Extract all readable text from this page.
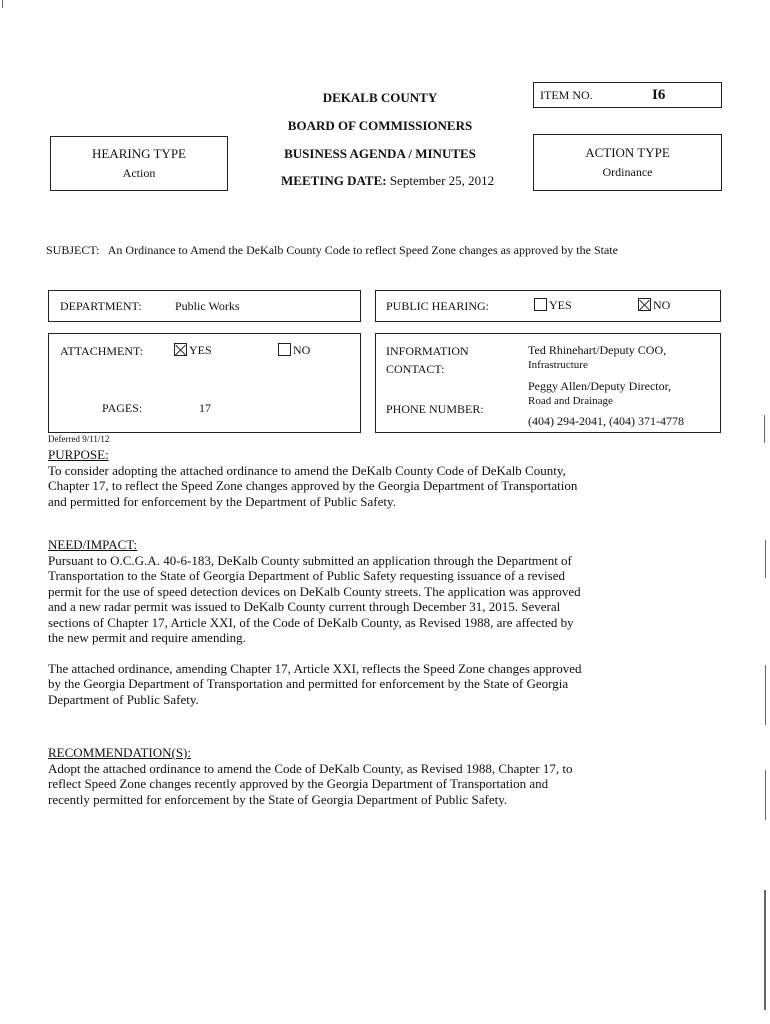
DEKALB COUNTY
BOARD OF COMMISSIONERS
BUSINESS AGENDA / MINUTES
MEETING DATE: September 25, 2012
ITEM NO.	I6
HEARING TYPE
Action
ACTION TYPE
Ordinance
SUBJECT: An Ordinance to Amend the DeKalb County Code to reflect Speed Zone changes as approved by the State
DEPARTMENT:	Public Works	PUBLIC HEARING:	YES	NO
ATTACHMENT:	YES	NO
PAGES:	17
INFORMATION
CONTACT:
Ted Rhinehart/Deputy COO,
Infrastructure
Peggy Allen/Deputy Director,
Road and Drainage
PHONE NUMBER:
(404) 294-2041, (404) 371-4778
Deferred 9/11/12
PURPOSE:
To consider adopting the attached ordinance to amend the DeKalb County Code of DeKalb County,
Chapter 17, to reflect the Speed Zone changes approved by the Georgia Department of Transportation
and permitted for enforcement by the Department of Public Safety.
NEED/IMPACT:
Pursuant to O.C.G.A. 40-6-183, DeKalb County submitted an application through the Department of
Transportation to the State of Georgia Department of Public Safety requesting issuance of a revised
permit for the use of speed detection devices on DeKalb County streets. The application was approved
and a new radar permit was issued to DeKalb County current through December 31, 2015. Several
sections of Chapter 17, Article XXI, of the Code of DeKalb County, as Revised 1988, are affected by
the new permit and require amending.
The attached ordinance, amending Chapter 17, Article XXI, reflects the Speed Zone changes approved
by the Georgia Department of Transportation and permitted for enforcement by the State of Georgia
Department of Public Safety.
RECOMMENDATION(S):
Adopt the attached ordinance to amend the Code of DeKalb County, as Revised 1988, Chapter 17, to
reflect Speed Zone changes recently approved by the Georgia Department of Transportation and
recently permitted for enforcement by the State of Georgia Department of Public Safety.
